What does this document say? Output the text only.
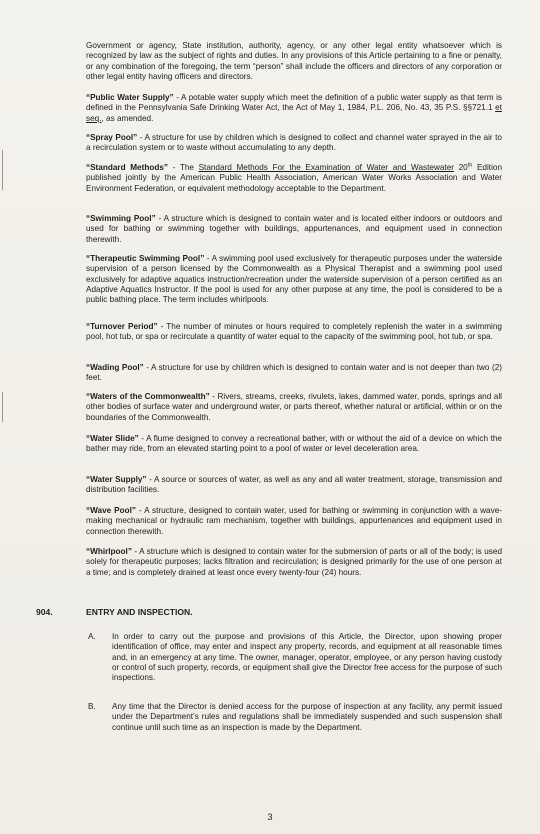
Government or agency, State institution, authority, agency, or any other legal entity whatsoever which is recognized by law as the subject of rights and duties. In any provisions of this Article pertaining to a fine or penalty, or any combination of the foregoing, the term “person” shall include the officers and directors of any corporation or other legal entity having officers and directors.

“Public Water Supply” - A potable water supply which meet the definition of a public water supply as that term is defined in the Pennsylvania Safe Drinking Water Act, the Act of May 1, 1984, P.L. 206, No. 43, 35 P.S. §§721.1 et seq., as amended.

“Spray Pool” - A structure for use by children which is designed to collect and channel water sprayed in the air to a recirculation system or to waste without accumulating to any depth.

“Standard Methods” - The Standard Methods For the Examination of Water and Wastewater 20th Edition published jointly by the American Public Health Association, American Water Works Association and Water Environment Federation, or equivalent methodology acceptable to the Department.

“Swimming Pool” - A structure which is designed to contain water and is located either indoors or outdoors and used for bathing or swimming together with buildings, appurtenances, and equipment used in connection therewith.

“Therapeutic Swimming Pool” - A swimming pool used exclusively for therapeutic purposes under the waterside supervision of a person licensed by the Commonwealth as a Physical Therapist and a swimming pool used exclusively for adaptive aquatics instruction/recreation under the waterside supervision of a person certified as an Adaptive Aquatics Instructor. If the pool is used for any other purpose at any time, the pool is considered to be a public bathing place. The term includes whirlpools.

“Turnover Period” - The number of minutes or hours required to completely replenish the water in a swimming pool, hot tub, or spa or recirculate a quantity of water equal to the capacity of the swimming pool, hot tub, or spa.

“Wading Pool” - A structure for use by children which is designed to contain water and is not deeper than two (2) feet.

“Waters of the Commonwealth” - Rivers, streams, creeks, rivulets, lakes, dammed water, ponds, springs and all other bodies of surface water and underground water, or parts thereof, whether natural or artificial, within or on the boundaries of the Commonwealth.

“Water Slide” - A flume designed to convey a recreational bather, with or without the aid of a device on which the bather may ride, from an elevated starting point to a pool of water or level deceleration area.

“Water Supply” - A source or sources of water, as well as any and all water treatment, storage, transmission and distribution facilities.

“Wave Pool” - A structure, designed to contain water, used for bathing or swimming in conjunction with a wave-making mechanical or hydraulic ram mechanism, together with buildings, appurtenances and equipment used in connection therewith.

“Whirlpool” - A structure which is designed to contain water for the submersion of parts or all of the body; is used solely for therapeutic purposes; lacks filtration and recirculation; is designed primarily for the use of one person at a time; and is completely drained at least once every twenty-four (24) hours.

904.	ENTRY AND INSPECTION.
A. In order to carry out the purpose and provisions of this Article, the Director, upon showing proper identification of office, may enter and inspect any property, records, and equipment at all reasonable times and, in an emergency at any time. The owner, manager, operator, employee, or any person having custody or control of such property, records, or equipment shall give the Director free access for the purpose of such inspections.

B. Any time that the Director is denied access for the purpose of inspection at any facility, any permit issued under the Department’s rules and regulations shall be immediately suspended and such suspension shall continue until such time as an inspection is made by the Department.

3
